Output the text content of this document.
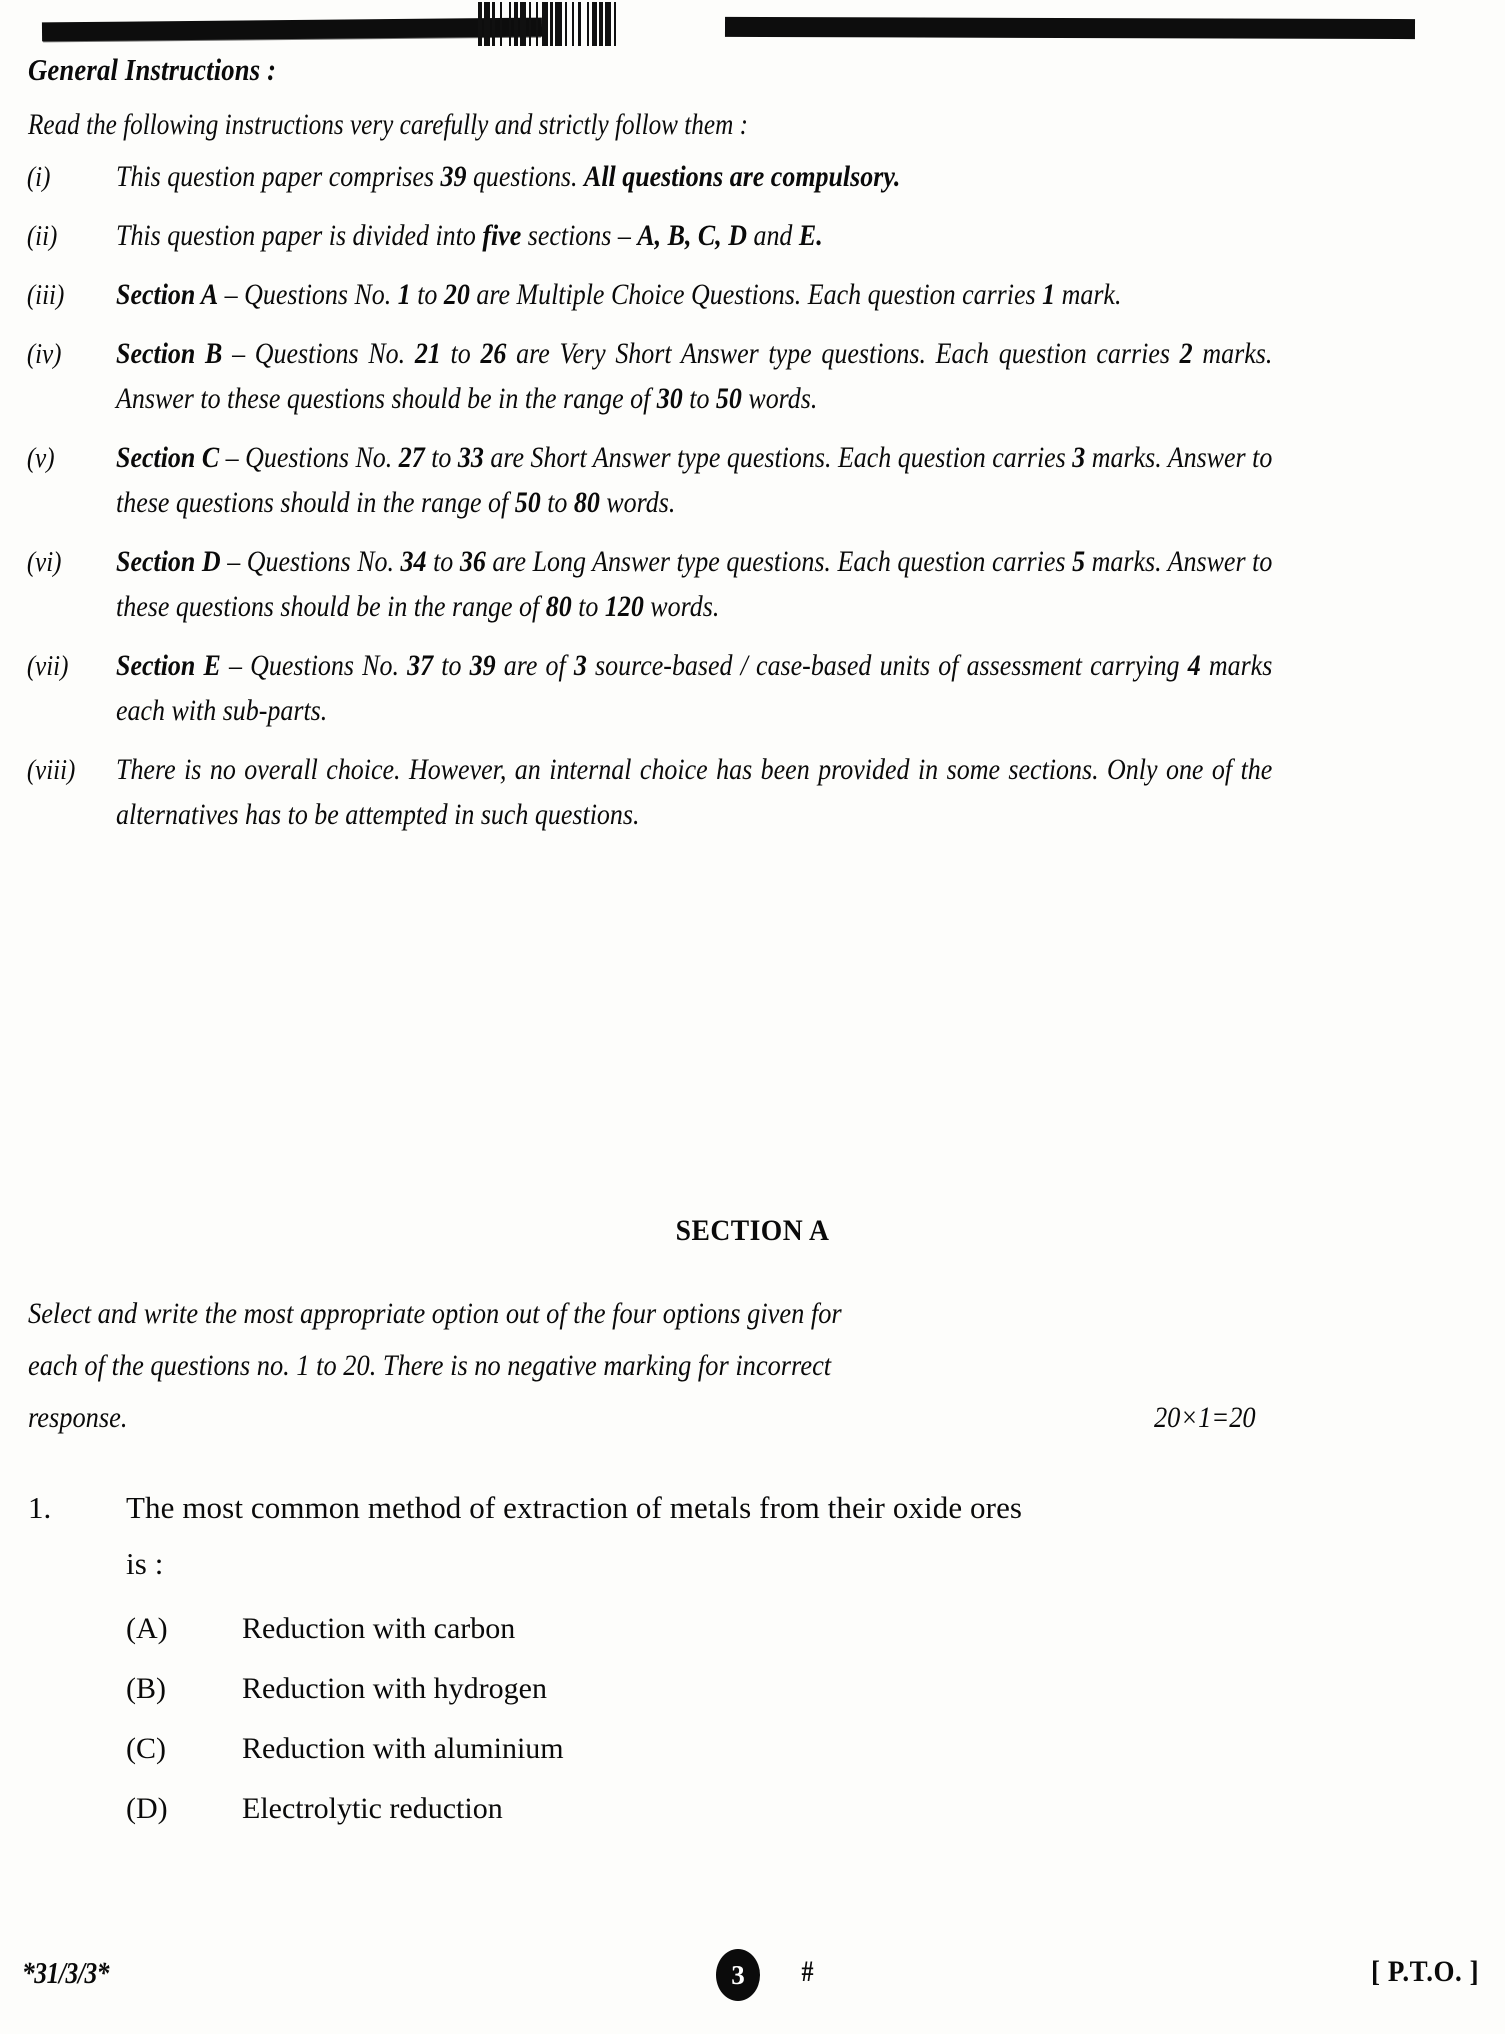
General Instructions :
Read the following instructions very carefully and strictly follow them :
(i)	This question paper comprises 39 questions. All questions are compulsory.
(ii)	This question paper is divided into five sections – A, B, C, D and E.
(iii)	Section A – Questions No. 1 to 20 are Multiple Choice Questions. Each question carries 1 mark.
(iv)	Section B – Questions No. 21 to 26 are Very Short Answer type questions. Each question carries 2 marks. Answer to these questions should be in the range of 30 to 50 words.
(v)	Section C – Questions No. 27 to 33 are Short Answer type questions. Each question carries 3 marks. Answer to these questions should in the range of 50 to 80 words.
(vi)	Section D – Questions No. 34 to 36 are Long Answer type questions. Each question carries 5 marks. Answer to these questions should be in the range of 80 to 120 words.
(vii)	Section E – Questions No. 37 to 39 are of 3 source-based / case-based units of assessment carrying 4 marks each with sub-parts.
(viii)	There is no overall choice. However, an internal choice has been provided in some sections. Only one of the alternatives has to be attempted in such questions.
SECTION A
Select and write the most appropriate option out of the four options given for
each of the questions no. 1 to 20. There is no negative marking for incorrect
response.	20×1=20
1.	The most common method of extraction of metals from their oxide ores
is :
(A)	Reduction with carbon
(B)	Reduction with hydrogen
(C)	Reduction with aluminium
(D)	Electrolytic reduction
*31/3/3*	3	#	[ P.T.O. ]
